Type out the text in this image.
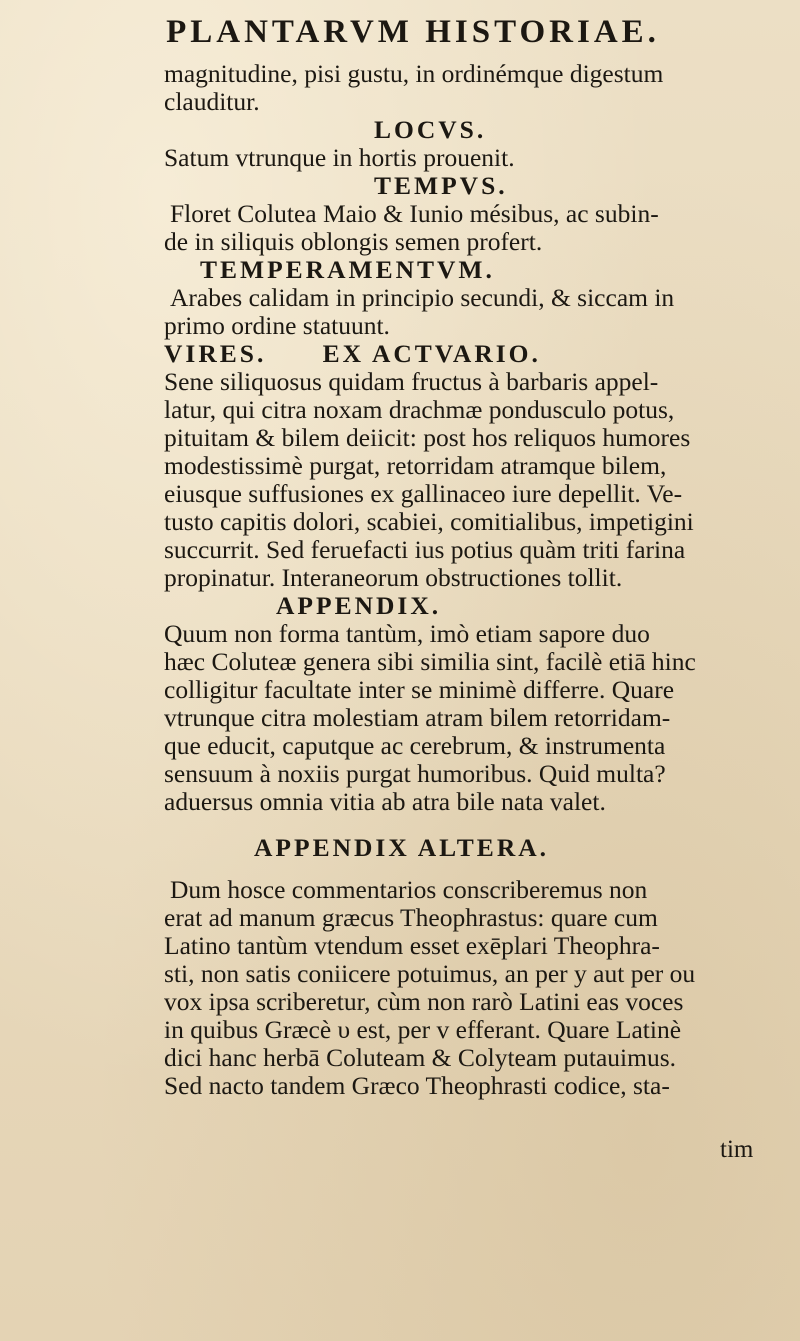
PLANTARVM HISTORIAE.
magnitudine, pisi gustu, in ordinémque digestum
clauditur.
LOCVS.
Satum vtrunque in hortis prouenit.
TEMPVS.
Floret Colutea Maio & Iunio mésibus, ac subin-
de in siliquis oblongis semen profert.
TEMPERAMENTVM.
Arabes calidam in principio secundi, & siccam in
primo ordine statuunt.
VIRES.      EX ACTVARIO.
Sene siliquosus quidam fructus à barbaris appel-
latur, qui citra noxam drachmæ pondusculo potus,
pituitam & bilem deiicit: post hos reliquos humores
modestissimè purgat, retorridam atramque bilem,
eiusque suffusiones ex gallinaceo iure depellit. Ve-
tusto capitis dolori, scabiei, comitialibus, impetigini
succurrit. Sed feruefacti ius potius quàm triti farina
propinatur. Interaneorum obstructiones tollit.
APPENDIX.
Quum non forma tantùm, imò etiam sapore duo
hæc Coluteæ genera sibi similia sint, facilè etiā hinc
colligitur facultate inter se minimè differre. Quare
vtrunque citra molestiam atram bilem retorridam-
que educit, caputque ac cerebrum, & instrumenta
sensuum à noxiis purgat humoribus. Quid multa?
aduersus omnia vitia ab atra bile nata valet.
APPENDIX ALTERA.
Dum hosce commentarios conscriberemus non
erat ad manum græcus Theophrastus: quare cum
Latino tantùm vtendum esset exēplari Theophra-
sti, non satis coniicere potuimus, an per y aut per ou
vox ipsa scriberetur, cùm non rarò Latini eas voces
in quibus Græcè υ est, per v efferant. Quare Latinè
dici hanc herbā Coluteam & Colyteam putauimus.
Sed nacto tandem Græco Theophrasti codice, sta-
tim
